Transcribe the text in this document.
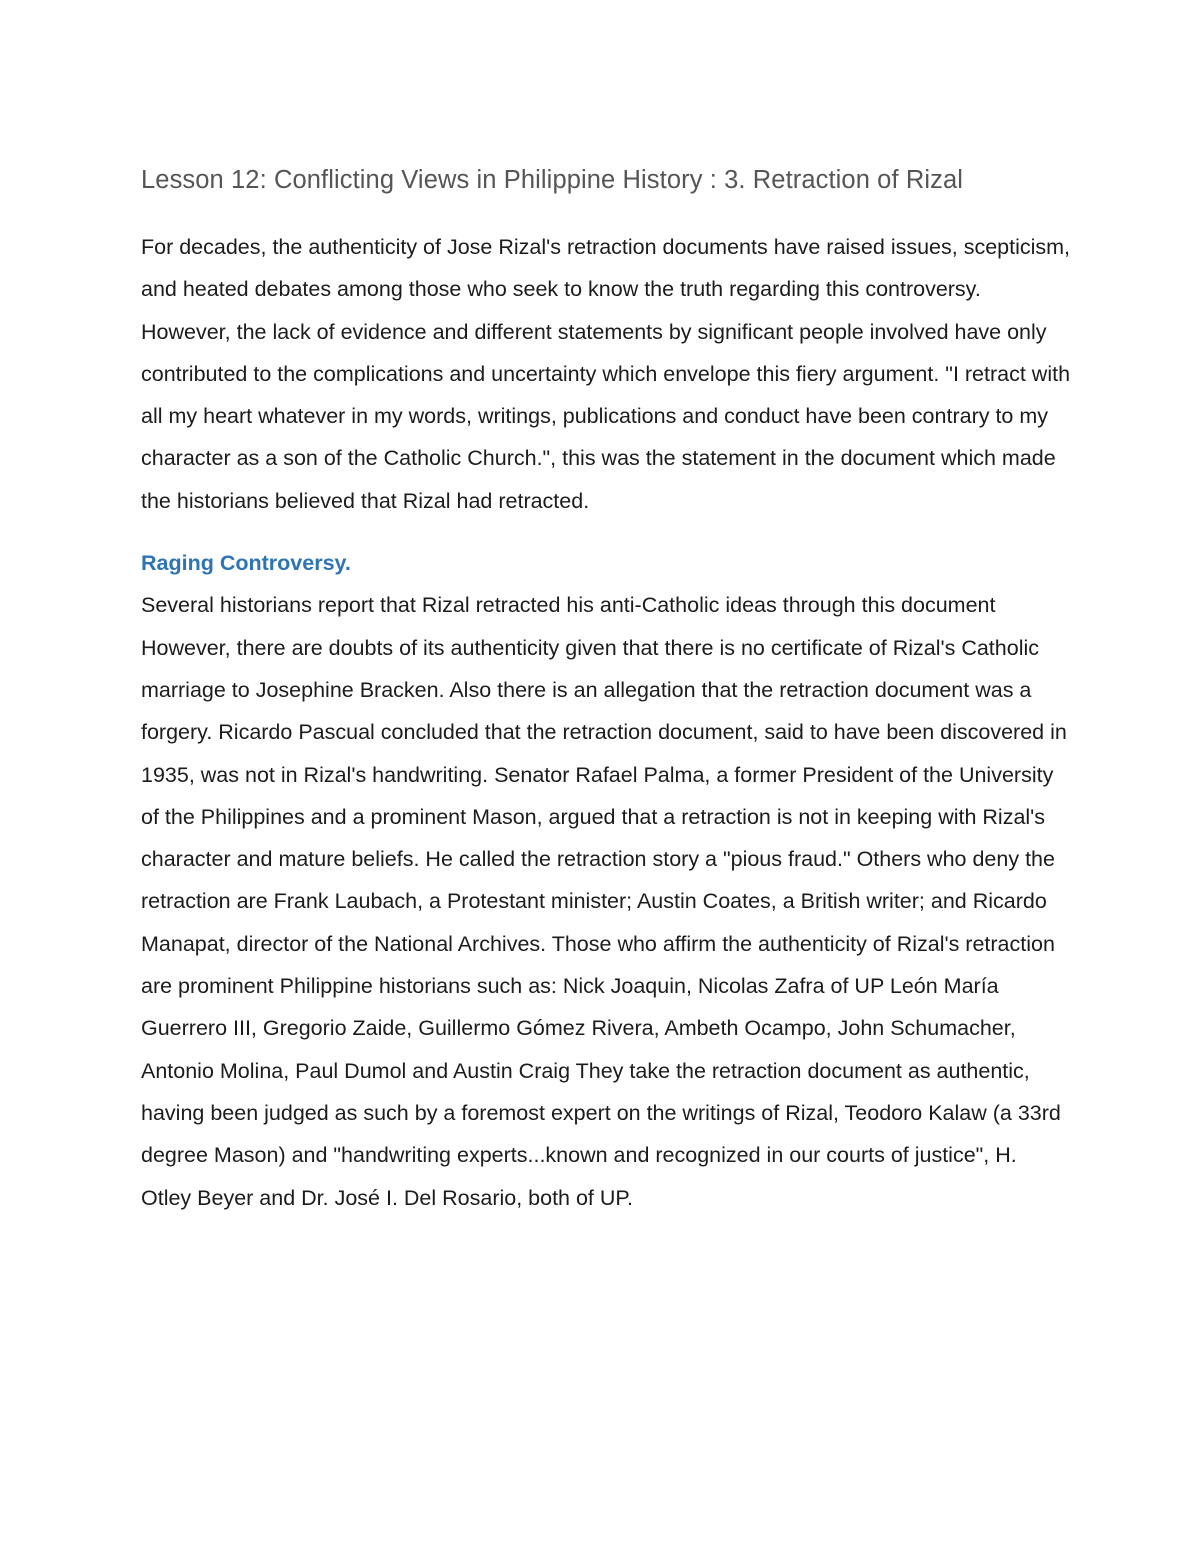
Lesson 12: Conflicting Views in Philippine History : 3. Retraction of Rizal

For decades, the authenticity of Jose Rizal's retraction documents have raised issues, scepticism, and heated debates among those who seek to know the truth regarding this controversy. However, the lack of evidence and different statements by significant people involved have only contributed to the complications and uncertainty which envelope this fiery argument. "I retract with all my heart whatever in my words, writings, publications and conduct have been contrary to my character as a son of the Catholic Church.", this was the statement in the document which made the historians believed that Rizal had retracted.

Raging Controversy.

Several historians report that Rizal retracted his anti-Catholic ideas through this document However, there are doubts of its authenticity given that there is no certificate of Rizal's Catholic marriage to Josephine Bracken. Also there is an allegation that the retraction document was a forgery. Ricardo Pascual concluded that the retraction document, said to have been discovered in 1935, was not in Rizal's handwriting. Senator Rafael Palma, a former President of the University of the Philippines and a prominent Mason, argued that a retraction is not in keeping with Rizal's character and mature beliefs. He called the retraction story a "pious fraud." Others who deny the retraction are Frank Laubach, a Protestant minister; Austin Coates, a British writer; and Ricardo Manapat, director of the National Archives. Those who affirm the authenticity of Rizal's retraction are prominent Philippine historians such as: Nick Joaquin, Nicolas Zafra of UP León María Guerrero III, Gregorio Zaide, Guillermo Gómez Rivera, Ambeth Ocampo, John Schumacher, Antonio Molina, Paul Dumol and Austin Craig They take the retraction document as authentic, having been judged as such by a foremost expert on the writings of Rizal, Teodoro Kalaw (a 33rd degree Mason) and "handwriting experts...known and recognized in our courts of justice", H. Otley Beyer and Dr. José I. Del Rosario, both of UP.
